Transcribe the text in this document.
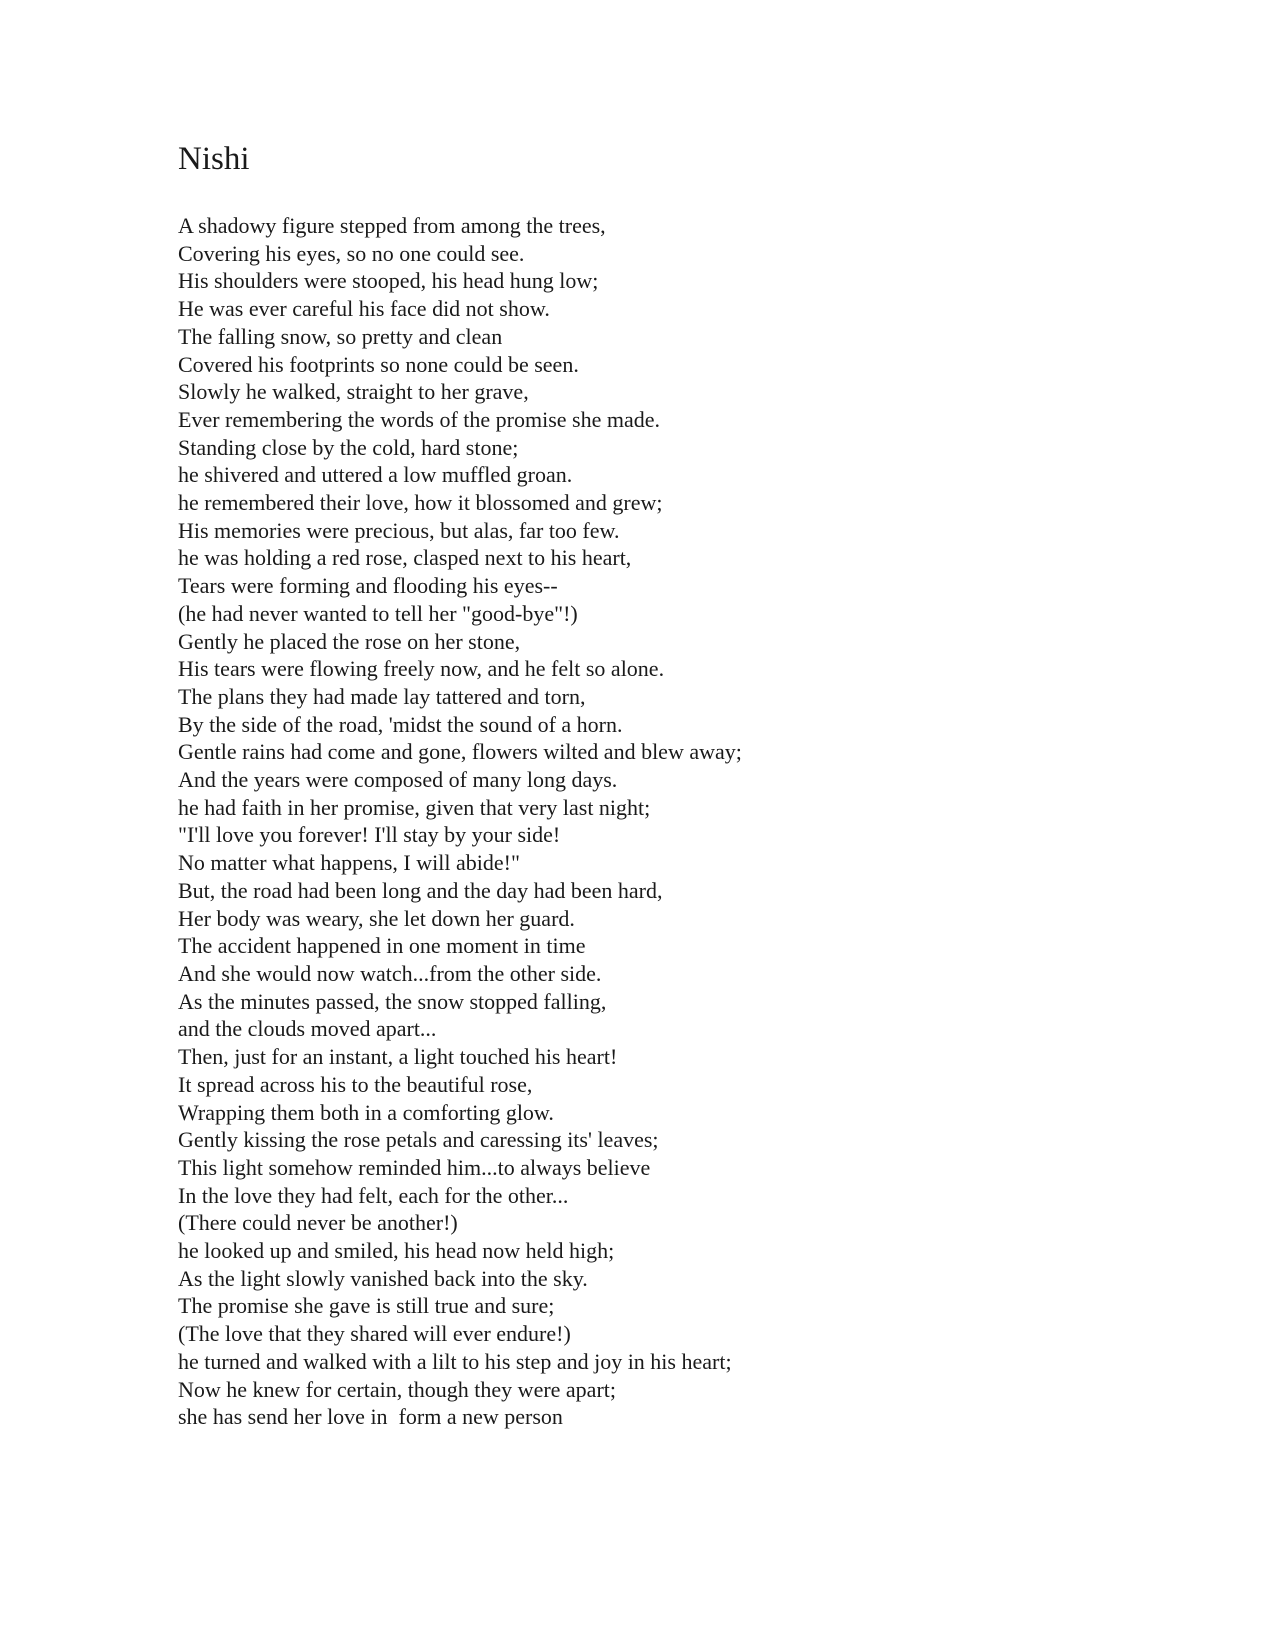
Nishi
A shadowy figure stepped from among the trees,
Covering his eyes, so no one could see.
His shoulders were stooped, his head hung low;
He was ever careful his face did not show.
The falling snow, so pretty and clean
Covered his footprints so none could be seen.
Slowly he walked, straight to her grave,
Ever remembering the words of the promise she made.
Standing close by the cold, hard stone;
he shivered and uttered a low muffled groan.
he remembered their love, how it blossomed and grew;
His memories were precious, but alas, far too few.
he was holding a red rose, clasped next to his heart,
Tears were forming and flooding his eyes--
(he had never wanted to tell her "good-bye"!)
Gently he placed the rose on her stone,
His tears were flowing freely now, and he felt so alone.
The plans they had made lay tattered and torn,
By the side of the road, 'midst the sound of a horn.
Gentle rains had come and gone, flowers wilted and blew away;
And the years were composed of many long days.
he had faith in her promise, given that very last night;
"I'll love you forever! I'll stay by your side!
No matter what happens, I will abide!"
But, the road had been long and the day had been hard,
Her body was weary, she let down her guard.
The accident happened in one moment in time
And she would now watch...from the other side.
As the minutes passed, the snow stopped falling,
and the clouds moved apart...
Then, just for an instant, a light touched his heart!
It spread across his to the beautiful rose,
Wrapping them both in a comforting glow.
Gently kissing the rose petals and caressing its' leaves;
This light somehow reminded him...to always believe
In the love they had felt, each for the other...
(There could never be another!)
he looked up and smiled, his head now held high;
As the light slowly vanished back into the sky.
The promise she gave is still true and sure;
(The love that they shared will ever endure!)
he turned and walked with a lilt to his step and joy in his heart;
Now he knew for certain, though they were apart;
she has send her love in  form a new person
